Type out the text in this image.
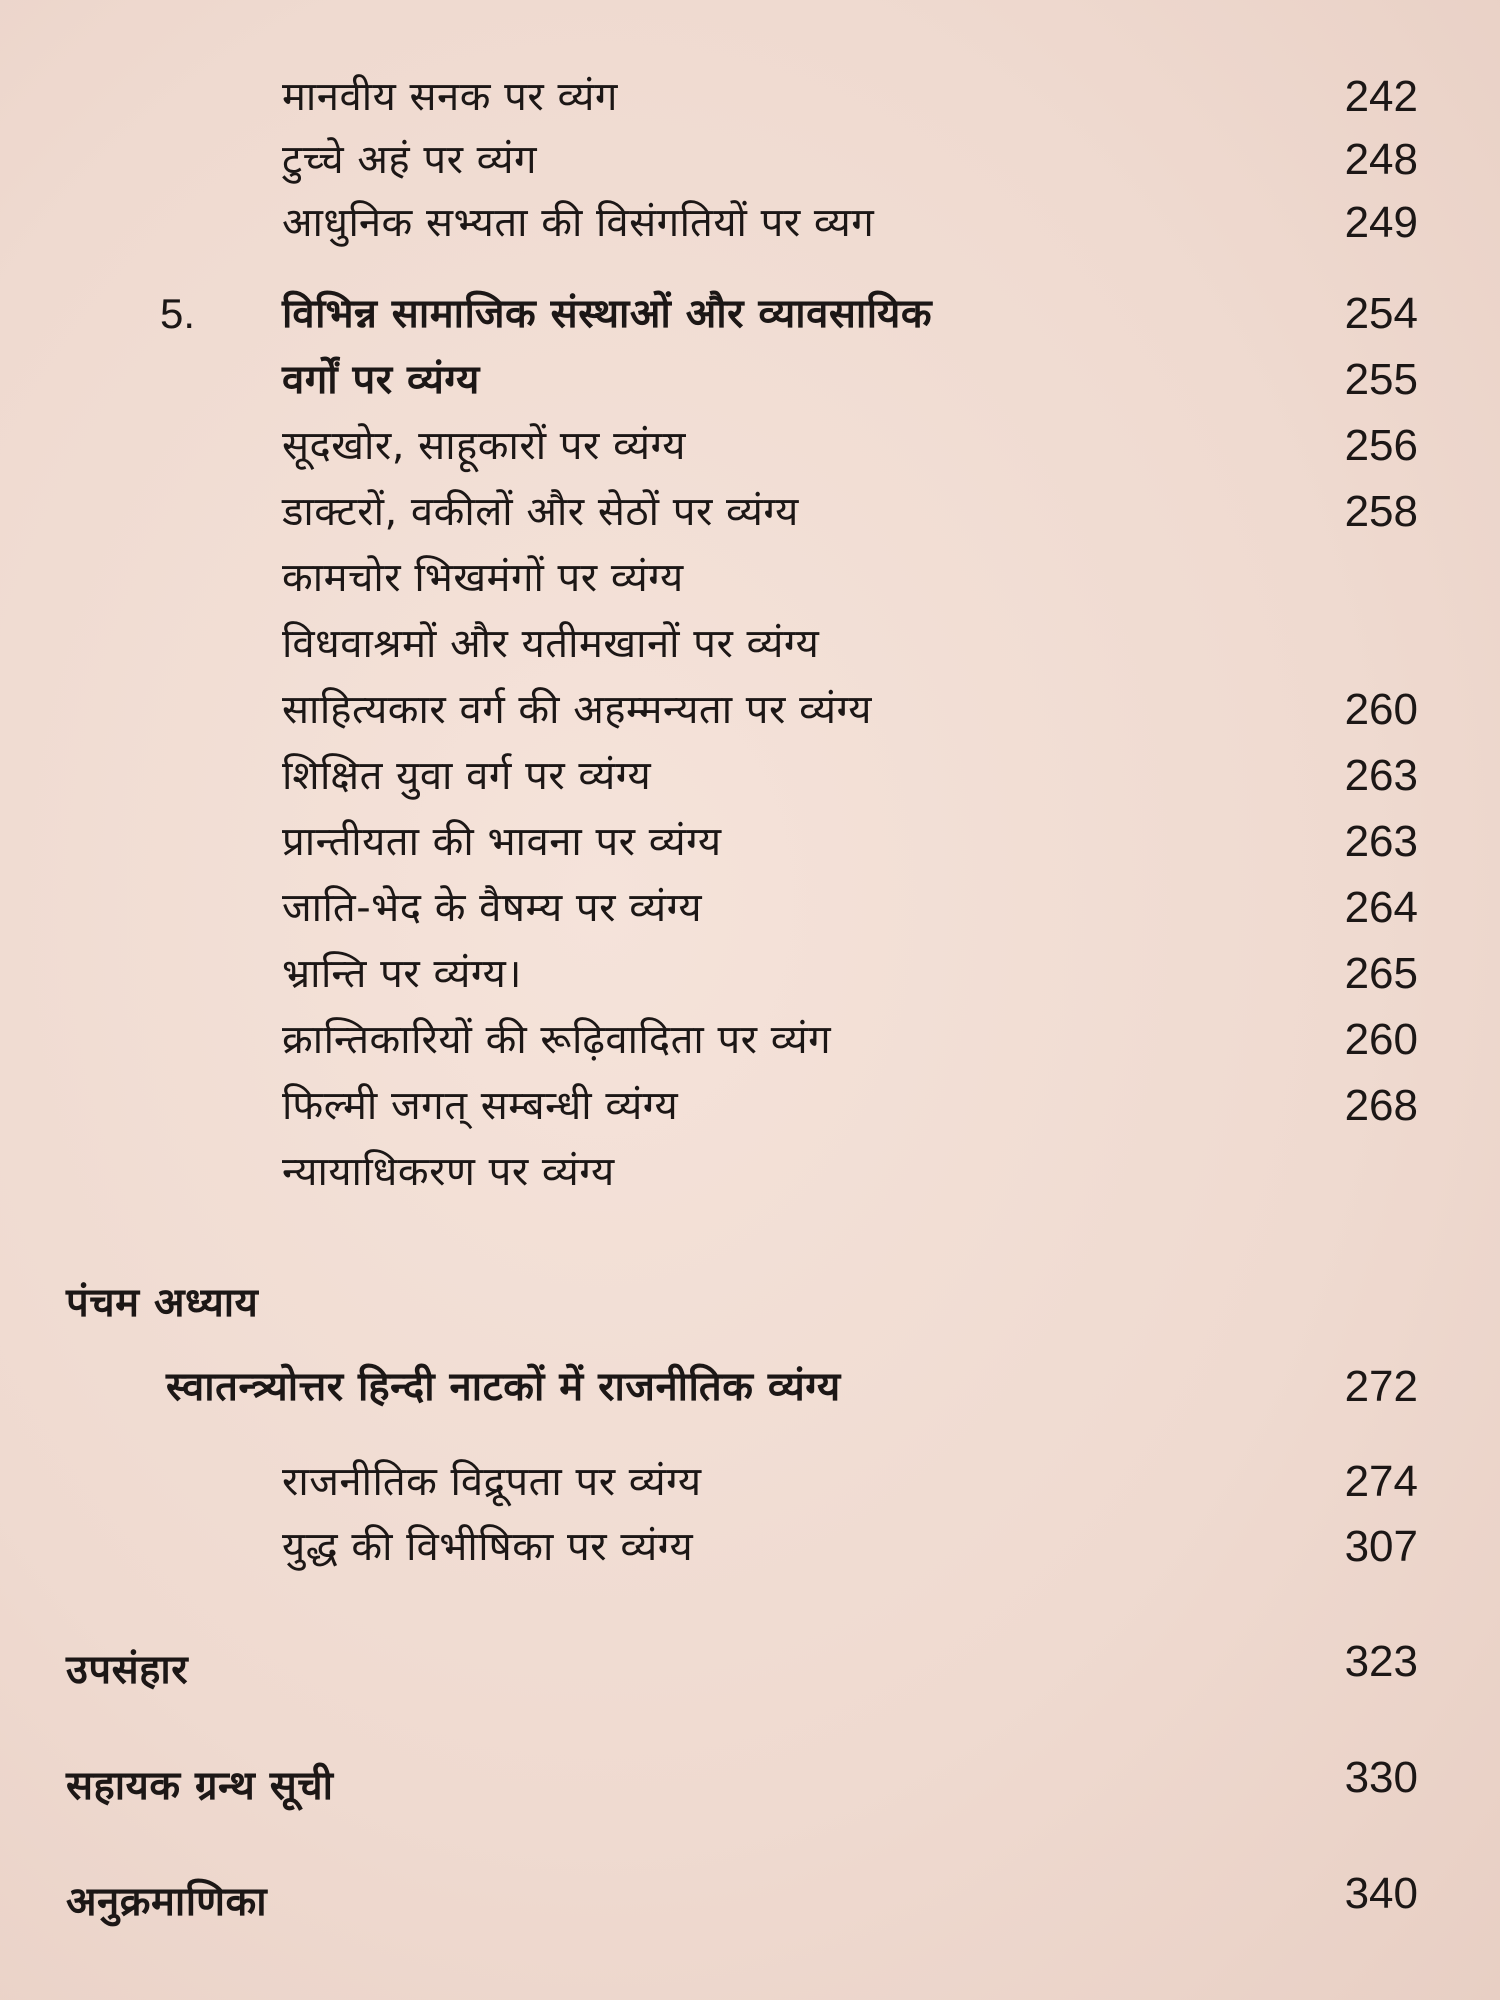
मानवीय सनक पर व्यंग	242
टुच्चे अहं पर व्यंग	248
आधुनिक सभ्यता की विसंगतियों पर व्यग	249
5. विभिन्न सामाजिक संस्थाओं और व्यावसायिक	254
वर्गों पर व्यंग्य	255
सूदखोर, साहूकारों पर व्यंग्य	256
डाक्टरों, वकीलों और सेठों पर व्यंग्य	258
कामचोर भिखमंगों पर व्यंग्य
विधवाश्रमों और यतीमखानों पर व्यंग्य
साहित्यकार वर्ग की अहम्मन्यता पर व्यंग्य	260
शिक्षित युवा वर्ग पर व्यंग्य	263
प्रान्तीयता की भावना पर व्यंग्य	263
जाति-भेद के वैषम्य पर व्यंग्य	264
भ्रान्ति पर व्यंग्य।	265
क्रान्तिकारियों की रूढ़िवादिता पर व्यंग	260
फिल्मी जगत् सम्बन्धी व्यंग्य	268
न्यायाधिकरण पर व्यंग्य
पंचम अध्याय
स्वातन्त्र्योत्तर हिन्दी नाटकों में राजनीतिक व्यंग्य	272
राजनीतिक विद्रूपता पर व्यंग्य	274
युद्ध की विभीषिका पर व्यंग्य	307
उपसंहार	323
सहायक ग्रन्थ सूची	330
अनुक्रमाणिका	340
